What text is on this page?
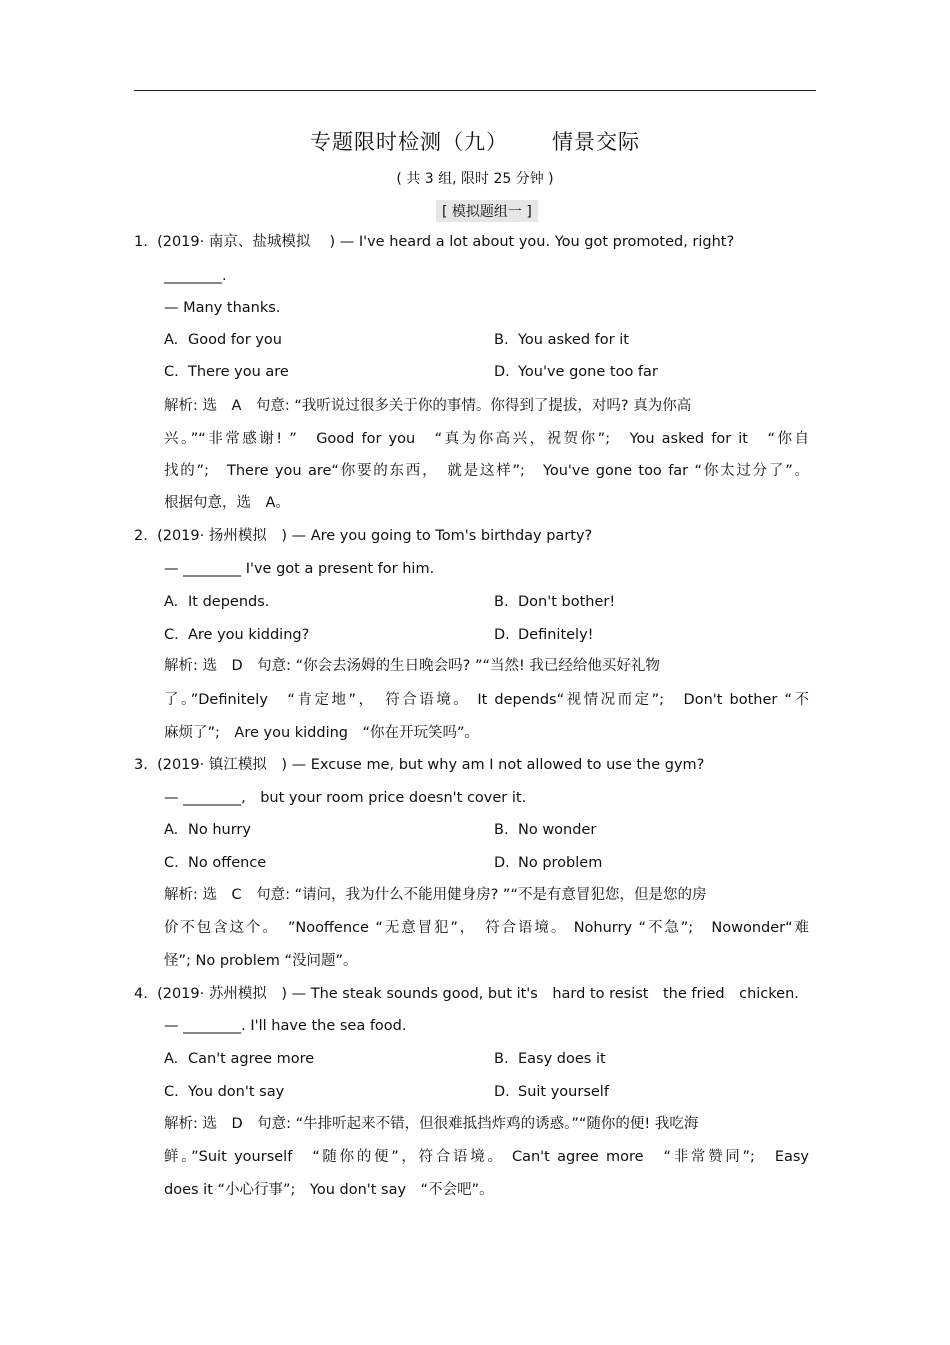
专题限时检测（九） 情景交际
( 共 3 组, 限时 25 分钟 )
[ 模拟题组一 ]
1. (2019· 南京、盐城模拟　 ) — I've heard a lot about you. You got promoted, right?
________.
— Many thanks.
A. Good for you	B. You asked for it
C. There you are	D. You've gone too far
解析: 选　A　句意: “我听说过很多关于你的事情。你得到了提拔，对吗? 真为你高
兴。”“非常感谢! ”　Good for you　“真为你高兴，祝贺你”;　You asked for it　“你自
找的”;　There you are“你要的东西，　就是这样”;　You've gone too far “你太过分了”。
根据句意，选　A。
2. (2019· 扬州模拟　) — Are you going to Tom's birthday party?
— ________ I've got a present for him.
A. It depends.	B. Don't bother!
C. Are you kidding?	D. Definitely!
解析: 选　D　句意: “你会去汤姆的生日晚会吗? ”“当然! 我已经给他买好礼物
了。”Definitely　“肯定地”，　符合语境。 It depends“视情况而定”;　Don't bother “不
麻烦了”;　Are you kidding　“你在开玩笑吗”。
3. (2019· 镇江模拟　) — Excuse me, but why am I not allowed to use the gym?
— ________,　but your room price doesn't cover it.
A. No hurry	B. No wonder
C. No offence	D. No problem
解析: 选　C　句意: “请问，我为什么不能用健身房? ”“不是有意冒犯您，但是您的房
价不包含这个。　”Nooffence “无意冒犯”，　符合语境。 Nohurry “不急”;　Nowonder“难
怪”; No problem “没问题”。
4. (2019· 苏州模拟　) — The steak sounds good, but it's　hard to resist　the fried　chicken.
— ________. I'll have the sea food.
A. Can't agree more	B. Easy does it
C. You don't say	D. Suit yourself
解析: 选　D　句意: “牛排听起来不错，但很难抵挡炸鸡的诱惑。”“随你的便! 我吃海
鲜。”Suit yourself　“随你的便”，符合语境。 Can't agree more　“非常赞同”;　Easy
does it “小心行事”;　You don't say　“不会吧”。
